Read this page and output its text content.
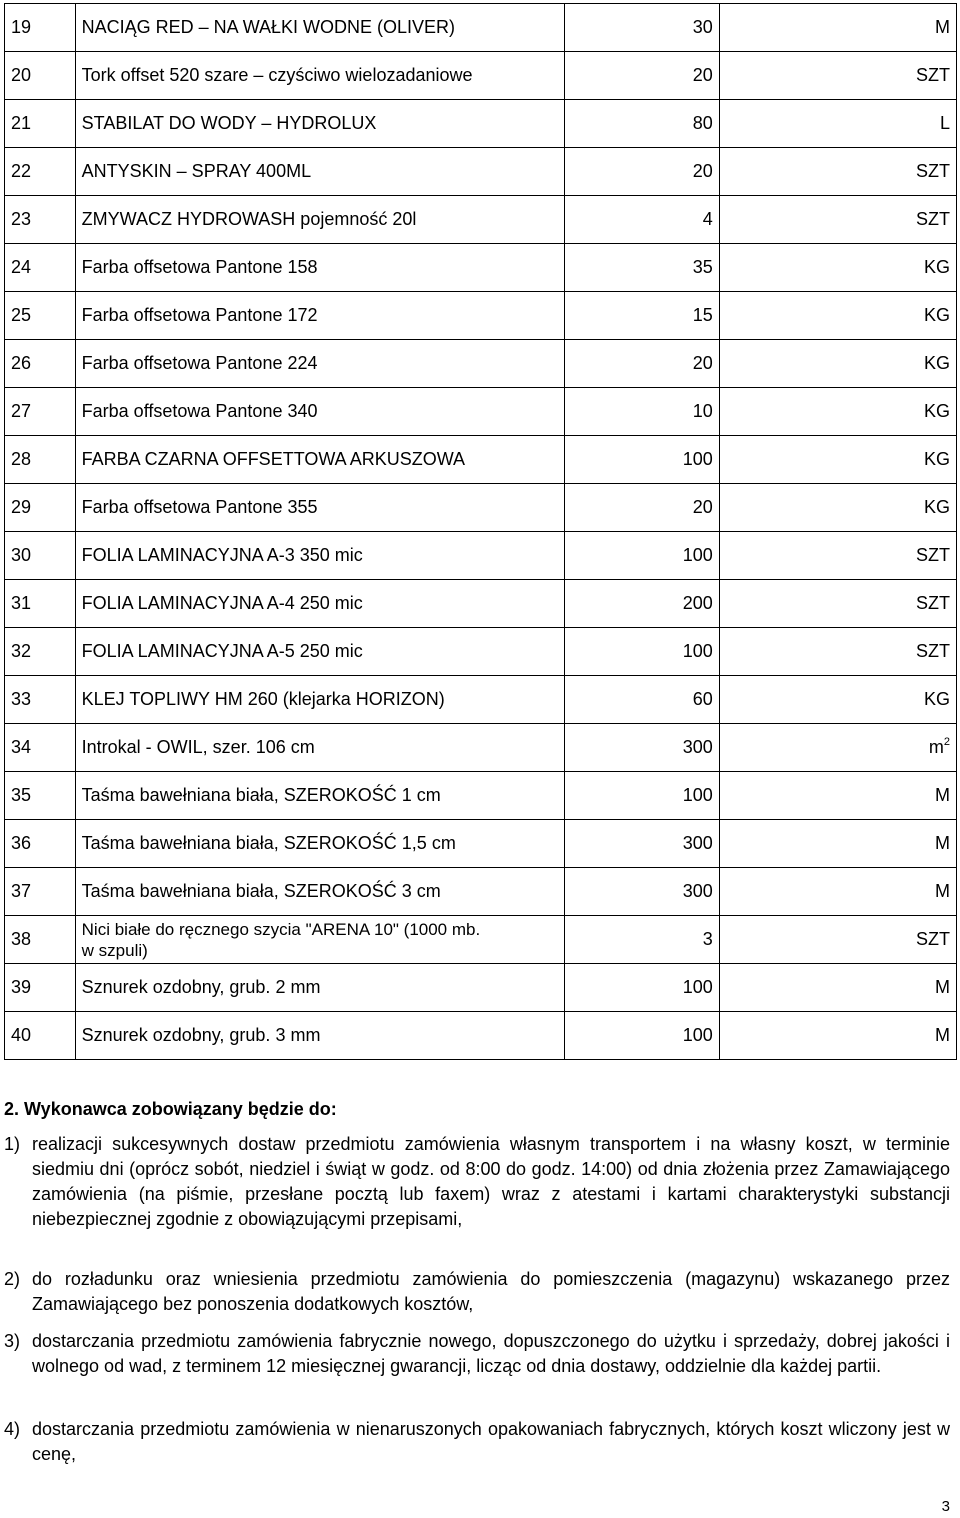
19	NACIĄG RED – NA WAŁKI WODNE (OLIVER)	30	M
20	Tork offset 520 szare – czyściwo wielozadaniowe	20	SZT
21	STABILAT DO WODY – HYDROLUX	80	L
22	ANTYSKIN – SPRAY 400ML	20	SZT
23	ZMYWACZ HYDROWASH pojemność 20l	4	SZT
24	Farba offsetowa Pantone 158	35	KG
25	Farba offsetowa Pantone 172	15	KG
26	Farba offsetowa Pantone 224	20	KG
27	Farba offsetowa Pantone 340	10	KG
28	FARBA CZARNA OFFSETTOWA ARKUSZOWA	100	KG
29	Farba offsetowa Pantone 355	20	KG
30	FOLIA LAMINACYJNA A-3 350 mic	100	SZT
31	FOLIA LAMINACYJNA A-4 250 mic	200	SZT
32	FOLIA LAMINACYJNA A-5 250 mic	100	SZT
33	KLEJ TOPLIWY HM 260 (klejarka HORIZON)	60	KG
34	Introkal - OWIL, szer. 106 cm	300	$m^2$
35	Taśma bawełniana biała, SZEROKOŚĆ 1 cm	100	M
36	Taśma bawełniana biała, SZEROKOŚĆ 1,5 cm	300	M
37	Taśma bawełniana biała, SZEROKOŚĆ 3 cm	300	M
38	Nici białe do ręcznego szycia "ARENA 10" (1000 mb.
w szpuli)	3	SZT
39	Sznurek ozdobny, grub. 2 mm	100	M
40	Sznurek ozdobny, grub. 3 mm	100	M
2. Wykonawca zobowiązany będzie do:
1) realizacji sukcesywnych dostaw przedmiotu zamówienia własnym transportem i na własny koszt, w terminie siedmiu dni (oprócz sobót, niedziel i świąt w godz. od 8:00 do godz. 14:00) od dnia złożenia przez Zamawiającego zamówienia (na piśmie, przesłane pocztą lub faxem) wraz z atestami i kartami charakterystyki substancji niebezpiecznej zgodnie z obowiązującymi przepisami,
2) do rozładunku oraz wniesienia przedmiotu zamówienia do pomieszczenia (magazynu) wskazanego przez Zamawiającego bez ponoszenia dodatkowych kosztów,
3) dostarczania przedmiotu zamówienia fabrycznie nowego, dopuszczonego do użytku i sprzedaży, dobrej jakości i wolnego od wad, z terminem 12 miesięcznej gwarancji, licząc od dnia dostawy, oddzielnie dla każdej partii.
4) dostarczania przedmiotu zamówienia w nienaruszonych opakowaniach fabrycznych, których koszt wliczony jest w cenę,
3
